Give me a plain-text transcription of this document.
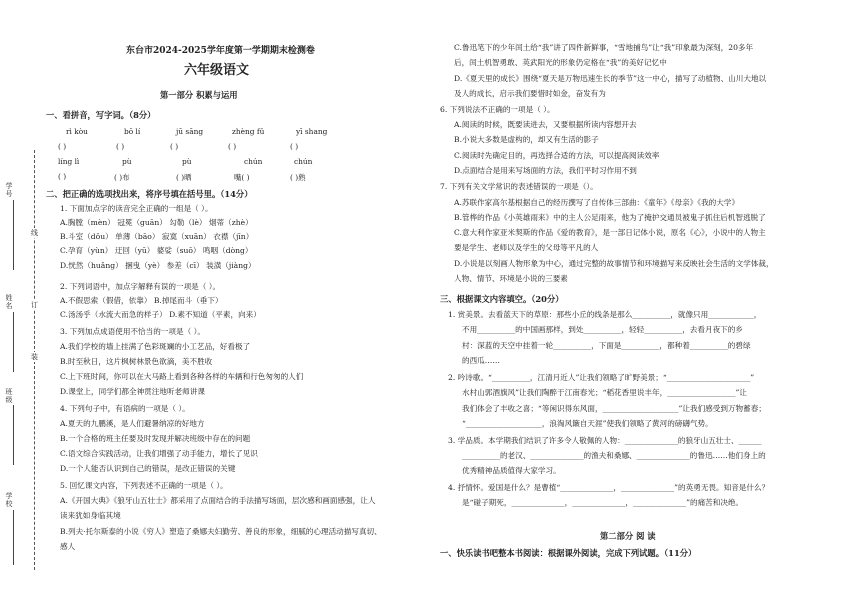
学号
姓名
班级
学校
线
订
装
东台市2024-2025学年度第一学期期末检测卷
六年级语文
第一部分 积累与运用
一、看拼音，写字词。（8分）
rì kòu	bō lí	jū sāng	zhèng fǔ	yī shang
( )	( )	( )	( )	( )
líng lì	pù	pù	chún	chún
( )	( )布	( )晒	嘴( )	( )熟
二、把正确的选项找出来，将序号填在括号里。（14分）
1. 下面加点字的读音完全正确的一组是（ ）。
A.胸膛（mèn） 冠冕（guān） 勾勒（lè） 烟蒂（zhè）
B.斗室（dǒu） 单薄（bāo） 寂寞（xuān） 衣襟（jīn）
C.孕育（yùn） 迂回（yū） 婆娑（suō） 鸣咽（dòng）
D.恍然（huǎng） 捆曳（yè） 参差（cī） 装潢（jiàng）
2. 下列词语中，加点字解释有误的一项是（ ）。
A.不假思索（假借，依靠） B.掉尾而斗（垂下）
C.汤汤乎（水流大而急的样子） D.素不知道（平素，向来）
3. 下列加点成语使用不恰当的一项是（ ）。
A.我们学校的墙上挂满了色彩斑斓的小工艺品，好看极了
B.时至秋日，这片枫树林景色欲滴，美不胜收
C.上下班时间，你可以在大马路上看到各种各样的车辆和行色匆匆的人们
D.课堂上，同学们都全神贯注地听老师讲课
4. 下列句子中，有语病的一项是（ ）。
A.夏天的九鹏溪，是人们避暑纳凉的好地方
B.一个合格的班主任要及时发现并解决班级中存在的问题
C.语文综合实践活动，让我们增强了动手能力，增长了见识
D.一个人能否认识到自己的错误，是改正错误的关键
5. 回忆课文内容，下列表述不正确的一项是（ ）。
A.《开国大典》《狼牙山五壮士》都采用了点面结合的手法描写场面，层次感和画面感强，让人
读来犹如身临其境
B.列夫·托尔斯泰的小说《穷人》塑造了桑娜夫妇勤劳、善良的形象，细腻的心理活动描写真切、
感人
C.鲁迅笔下的少年闰土给“我”讲了四件新鲜事，“雪地捕鸟”让“我”印象最为深刻，20多年
后，闰土机智勇敢、英武阳光的形象仍定格在“我”的美好记忆中
D.《夏天里的成长》围绕“夏天是万物迅速生长的季节”这一中心，描写了动植物、山川大地以
及人的成长，启示我们要惜时如金，奋发有为
6. 下列说法不正确的一项是（ ）。
A.阅读的时候，既要读进去，又要根据所读内容想开去
B.小说大多数是虚构的，却又有生活的影子
C.阅读时先确定目的，再选择合适的方法，可以提高阅读效率
D.点面结合是用来写场面的方法，我们平时习作用不到
7. 下列有关文学常识的表述错误的一项是（）。
A.苏联作家高尔基根据自己的经历撰写了自传体三部曲：《童年》《母亲》《我的大学》
B.管桦的作品《小英雄雨来》中的主人公足雨来，他为了掩护交通员被鬼子抓住后机智逃脱了
C.意大利作家亚米契斯的作品《爱的教育》，是一部日记体小说，原名《心》，小说中的人物主
要是学生、老师以及学生的父母等平凡的人
D.小说是以刻画人物形象为中心，通过完整的故事情节和环境描写来反映社会生活的文学体裁，
人物、情节、环境是小说的三要素
三、根据课文内容填空。（20分）
1. 赏美景。去看蓝天下的草原：那些小丘的线条是那么__________，就像只用____________，
不用__________的中国画那样，到处__________，轻轻__________，去看月夜下的乡
村：深蓝的天空中挂着一轮__________，下面是__________，都种着__________的碧绿
的西瓜……
2. 吟诗歌。“__________，江清月近人”让我们领略了旷野美景；“______________________”
水村山郭酒旗风”让我们陶醉于江南春光；“稻花香里说丰年，__________________”让
我们体会了丰收之喜；“等闲识得东风面，____________________”让我们感受到万物蓄春；
“____________________，浪淘风簸自天涯”使我们领略了黄河的磅礴气势。
3. 学品质。本学期我们结识了许多令人敬佩的人物：______________的狼牙山五壮士、______
__________的老汉、______________的渔夫和桑娜、______________的鲁迅……他们身上的
优秀精神品质值得大家学习。
4. 抒情怀。爱国是什么？是曹植“______________，______________”的英勇无畏。知音是什么？
是“碰子期死，______________，______________，______________”的痛苦和决绝。
第二部分 阅 读
一、快乐读书吧整本书阅读：根据课外阅读，完成下列试题。（11分）
